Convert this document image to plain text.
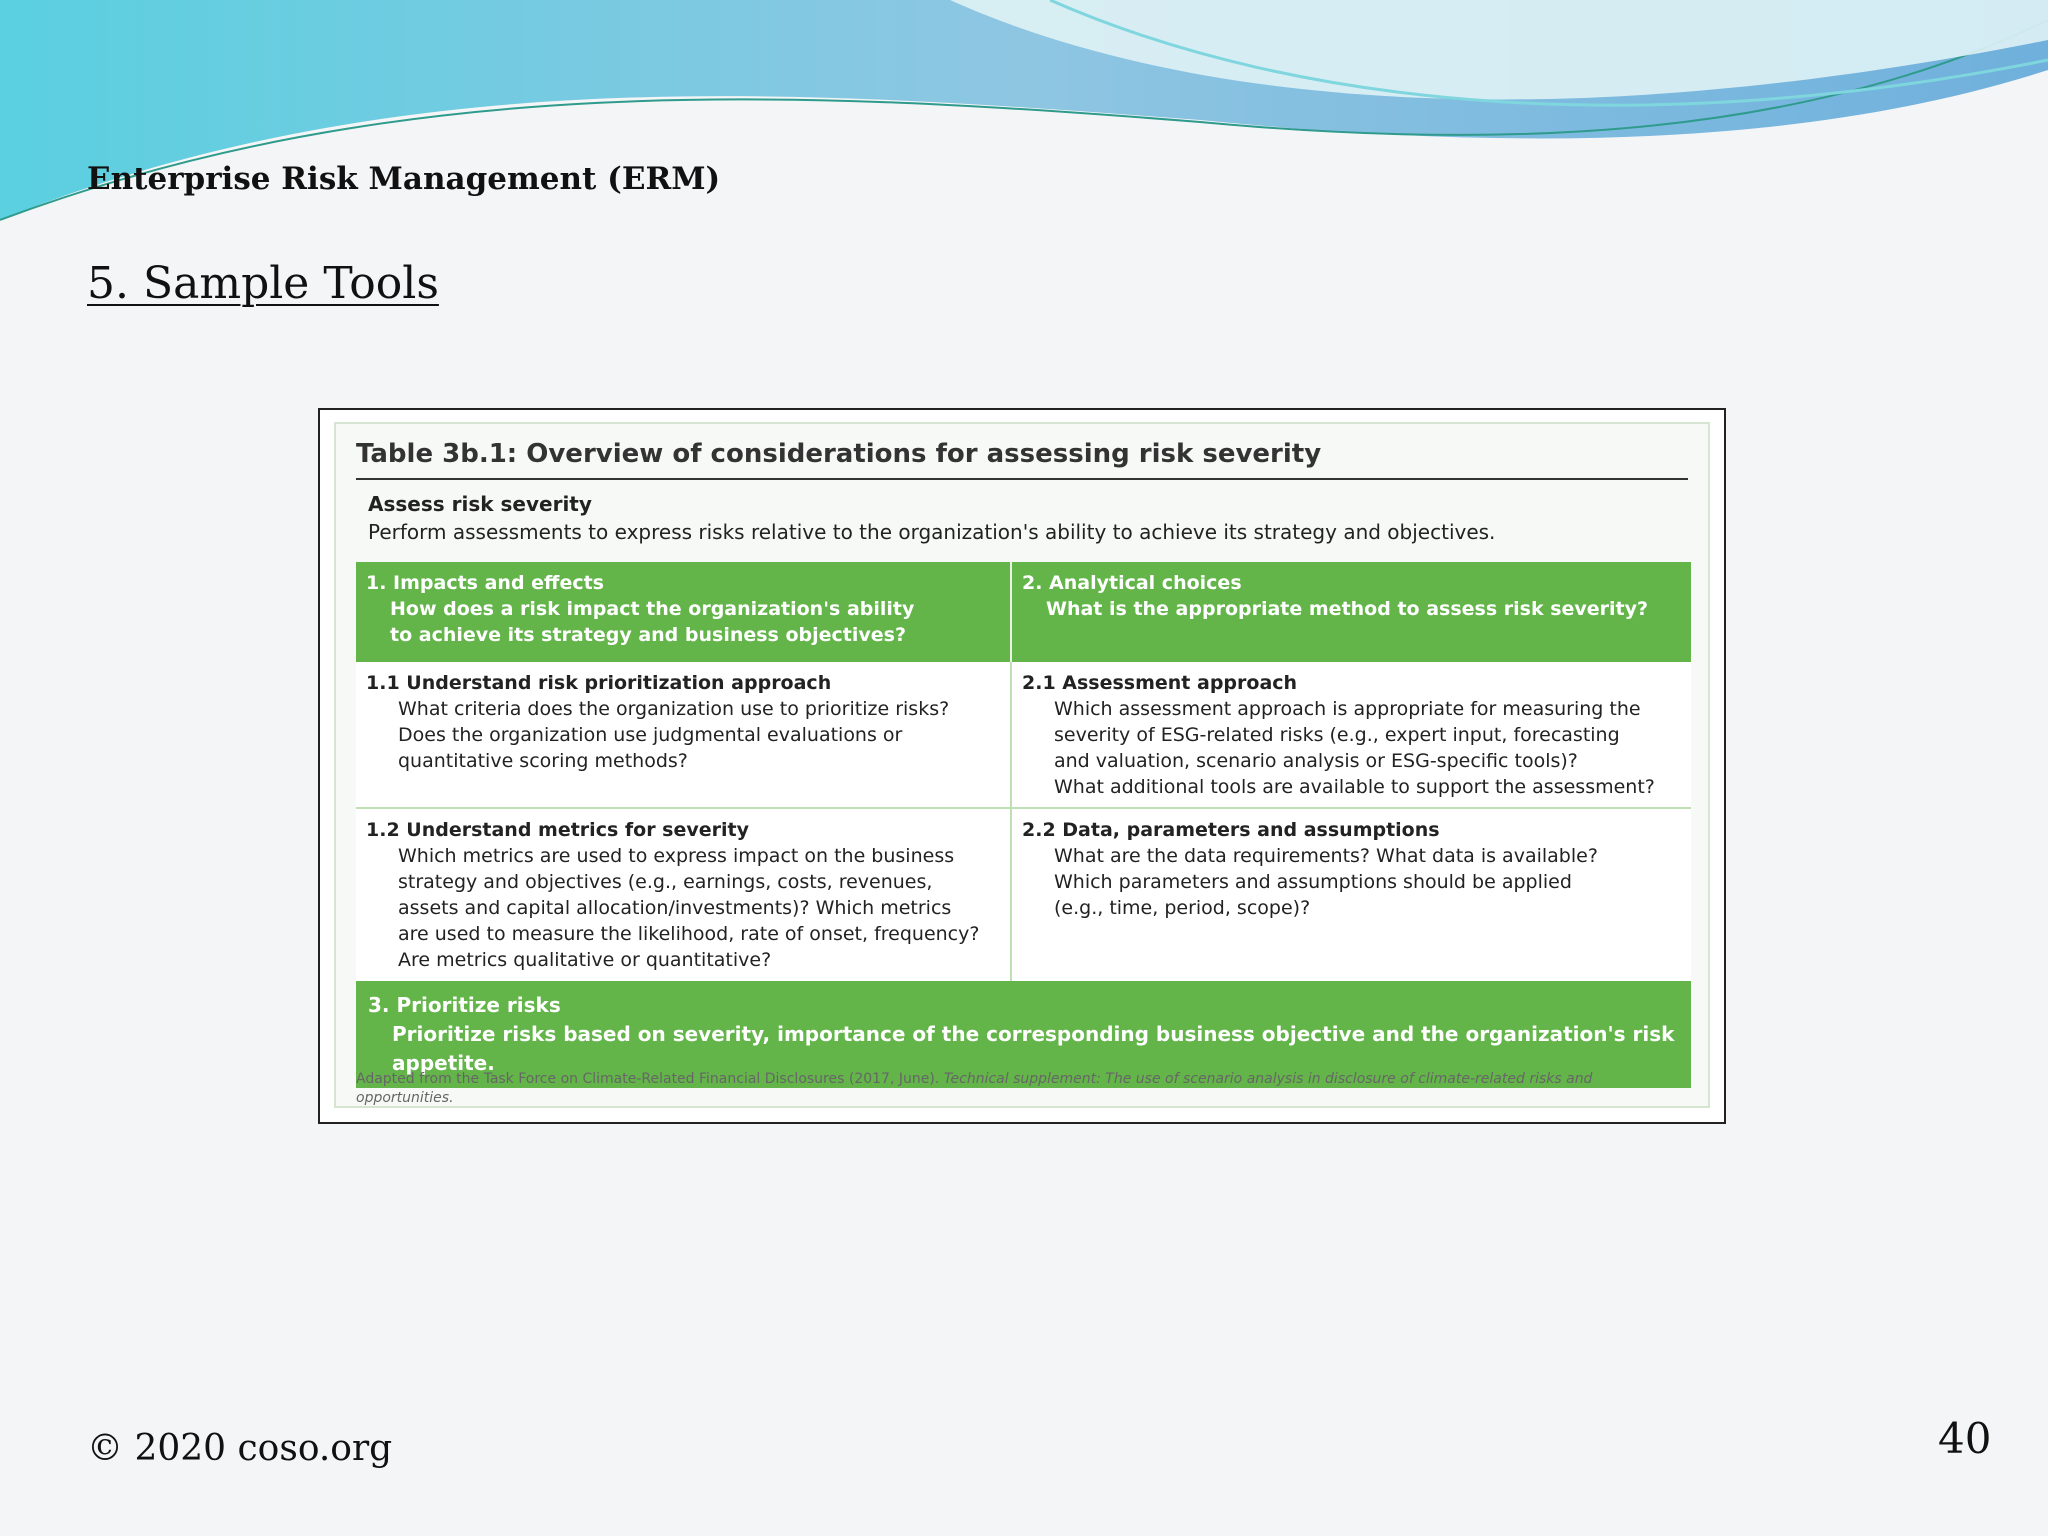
Enterprise Risk Management (ERM)
5. Sample Tools
Table 3b.1: Overview of considerations for assessing risk severity
Assess risk severity
Perform assessments to express risks relative to the organization's ability to achieve its strategy and objectives.
1. Impacts and effects
How does a risk impact the organization's ability
to achieve its strategy and business objectives?
2. Analytical choices
What is the appropriate method to assess risk severity?
1.1 Understand risk prioritization approach
What criteria does the organization use to prioritize risks?
Does the organization use judgmental evaluations or
quantitative scoring methods?
2.1 Assessment approach
Which assessment approach is appropriate for measuring the
severity of ESG-related risks (e.g., expert input, forecasting
and valuation, scenario analysis or ESG-specific tools)?
What additional tools are available to support the assessment?
1.2 Understand metrics for severity
Which metrics are used to express impact on the business
strategy and objectives (e.g., earnings, costs, revenues,
assets and capital allocation/investments)? Which metrics
are used to measure the likelihood, rate of onset, frequency?
Are metrics qualitative or quantitative?
2.2 Data, parameters and assumptions
What are the data requirements? What data is available?
Which parameters and assumptions should be applied
(e.g., time, period, scope)?
3. Prioritize risks
Prioritize risks based on severity, importance of the corresponding business objective and the organization's risk appetite.
Adapted from the Task Force on Climate-Related Financial Disclosures (2017, June). Technical supplement: The use of scenario analysis in disclosure of climate-related risks and opportunities.
© 2020 coso.org	40
